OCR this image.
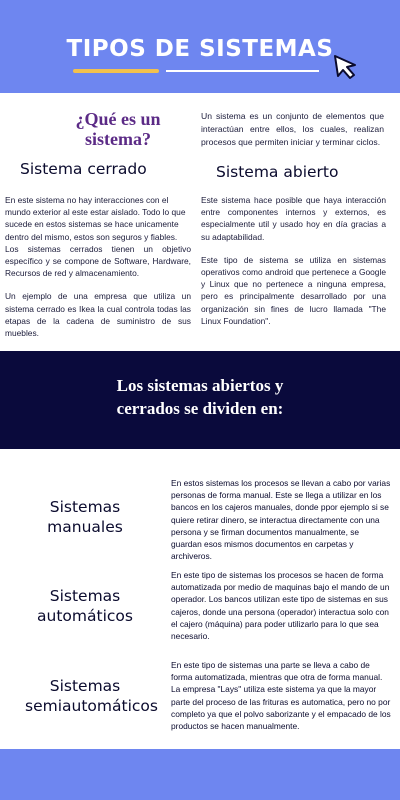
TIPOS DE SISTEMAS
¿Qué es un sistema?
Un sistema es un conjunto de elementos que interactúan entre ellos, los cuales, realizan procesos que permiten iniciar y terminar ciclos.
Sistema cerrado	Sistema abierto

En este sistema no hay interacciones con el mundo exterior al este estar aislado. Todo lo que sucede en estos sistemas se hace unicamente dentro del mismo, estos son seguros y fiables.

Los sistemas cerrados tienen un objetivo específico y se compone de Software, Hardware, Recursos de red y almacenamiento.

Un ejemplo de una empresa que utiliza un sistema cerrado es Ikea la cual controla todas las etapas de la cadena de suministro de sus muebles.

Este sistema hace posible que haya interacción entre componentes internos y externos, es especialmente util y usado hoy en día gracias a su adaptabilidad.

Este tipo de sistema se utiliza en sistemas operativos como android que pertenece a Google y Linux que no pertenece a ninguna empresa, pero es principalmente desarrollado por una organización sin fines de lucro llamada "The Linux Foundation".

Los sistemas abiertos y cerrados se dividen en:
Sistemas manuales
En estos sistemas los procesos se llevan a cabo por varias personas de forma manual. Este se llega a utilizar en los bancos en los cajeros manuales, donde ppor ejemplo si se quiere retirar dinero, se interactua directamente con una persona y se firman documentos manualmente, se guardan esos mismos documentos en carpetas y archiveros.
Sistemas automáticos
En este tipo de sistemas los procesos se hacen de forma automatizada por medio de maquinas bajo el mando de un operador. Los bancos utilizan este tipo de sistemas en sus cajeros, donde una persona (operador) interactua solo con el cajero (máquina) para poder utilizarlo para lo que sea necesario.
Sistemas semiautomáticos
En este tipo de sistemas una parte se lleva a cabo de forma automatizada, mientras que otra de forma manual. La empresa "Lays" utiliza este sistema ya que la mayor parte del proceso de las frituras es automatica, pero no por completo ya que el polvo saborizante y el empacado de los productos se hacen manualmente.
